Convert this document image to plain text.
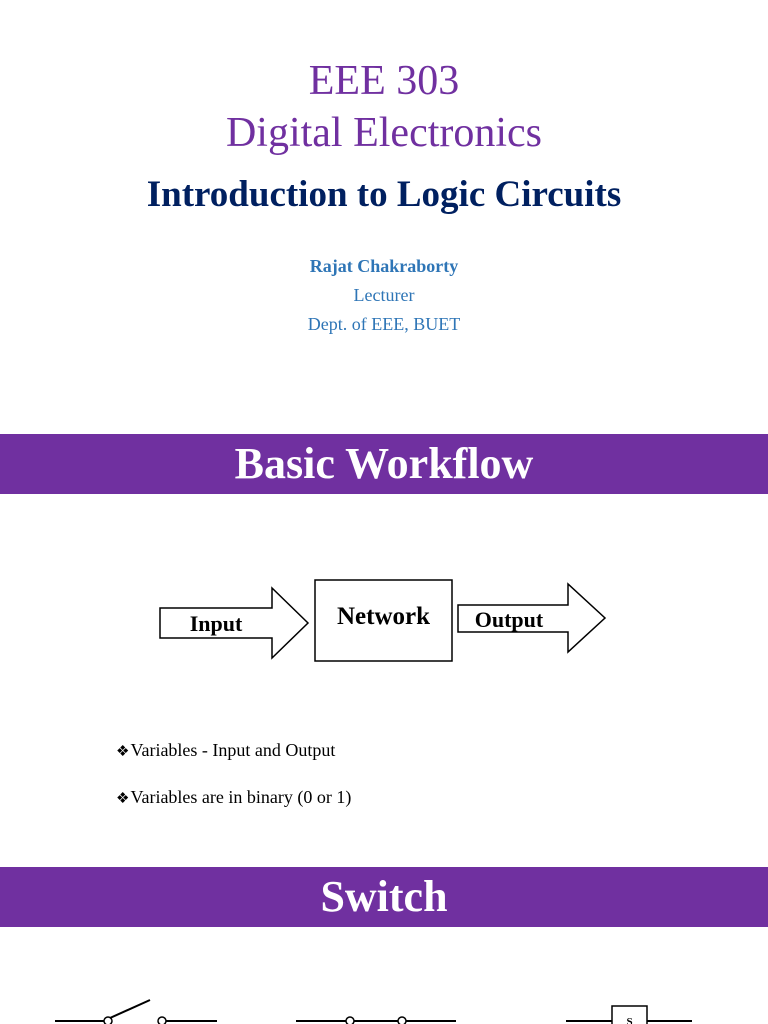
EEE 303
Digital Electronics
Introduction to Logic Circuits
Rajat Chakraborty
Lecturer
Dept. of EEE, BUET
Basic Workflow
Input	Network Output
❖Variables - Input and Output
❖Variables are in binary (0 or 1)
Switch
S
